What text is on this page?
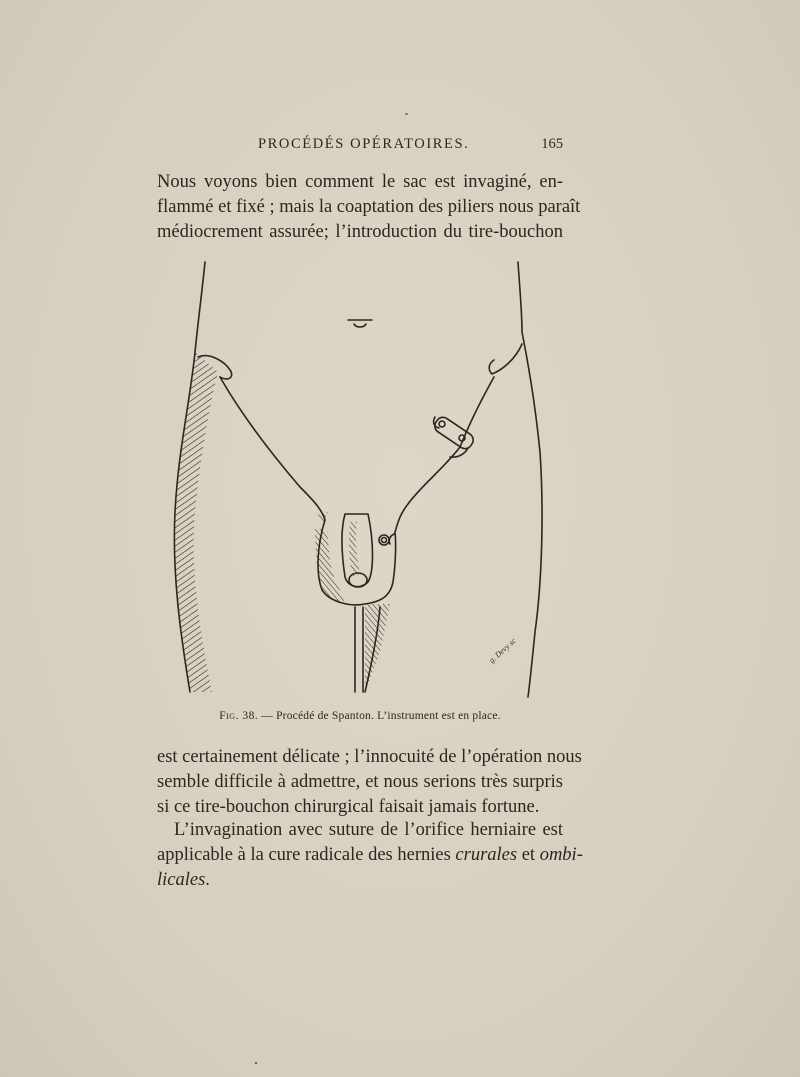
PROCÉDÉS OPÉRATOIRES.	165
Nous voyons bien comment le sac est invaginé, en-
flammé et fixé ; mais la coaptation des piliers nous paraît
médiocrement assurée; l’introduction du tire-bouchon
g. Devy sc
Fig. 38. — Procédé de Spanton. L’instrument est en place.
est certainement délicate ; l’innocuité de l’opération nous
semble difficile à admettre, et nous serions très surpris
si ce tire-bouchon chirurgical faisait jamais fortune.
L’invagination avec suture de l’orifice herniaire est
applicable à la cure radicale des hernies crurales et ombi-
licales.
